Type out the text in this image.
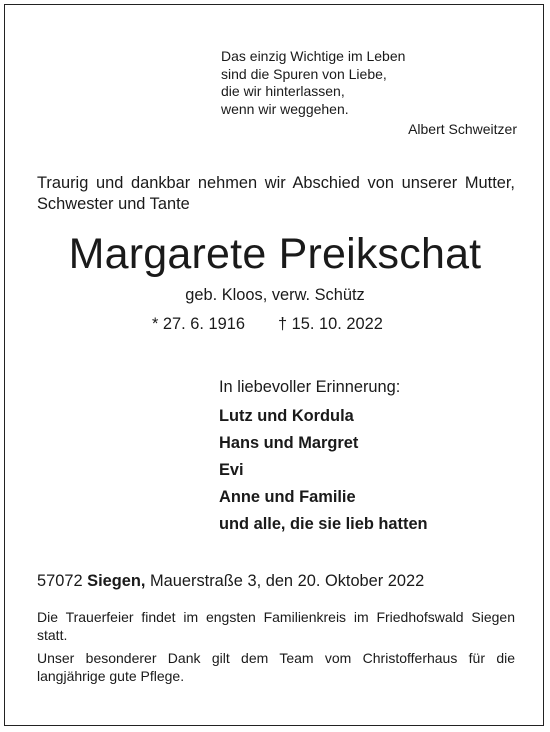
Das einzig Wichtige im Leben
sind die Spuren von Liebe,
die wir hinterlassen,
wenn wir weggehen.
Albert Schweitzer
Traurig und dankbar nehmen wir Abschied von unserer Mutter, Schwester und Tante
Margarete Preikschat
geb. Kloos, verw. Schütz
* 27. 6. 1916 † 15. 10. 2022
In liebevoller Erinnerung:
Lutz und Kordula
Hans und Margret
Evi
Anne und Familie
und alle, die sie lieb hatten
57072 Siegen, Mauerstraße 3, den 20. Oktober 2022

Die Trauerfeier findet im engsten Familienkreis im Friedhofswald Siegen statt.

Unser besonderer Dank gilt dem Team vom Christofferhaus für die langjährige gute Pflege.
